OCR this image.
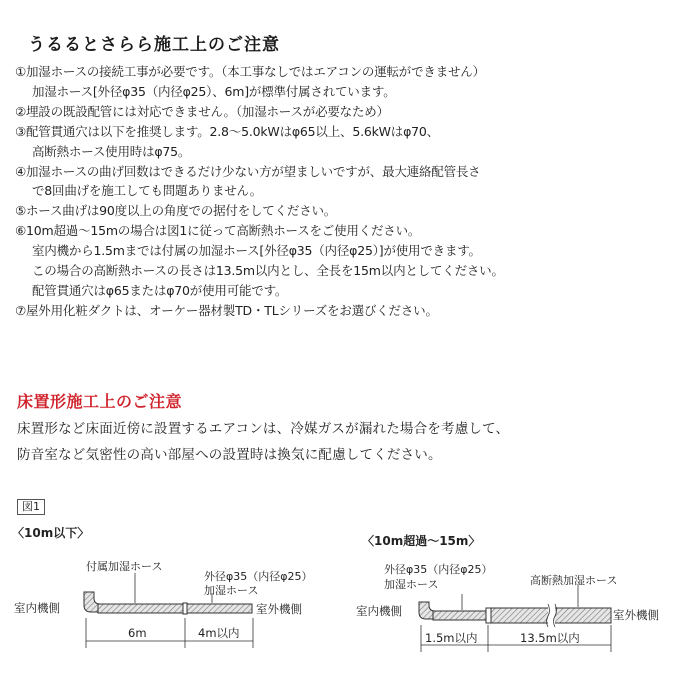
うるるとさらら施工上のご注意
①加湿ホースの接続工事が必要です。（本工事なしではエアコンの運転ができません）
加湿ホース[外径φ35（内径φ25）、6m]が標準付属されています。
②埋設の既設配管には対応できません。（加湿ホースが必要なため）
③配管貫通穴は以下を推奨します。2.8～5.0kWはφ65以上、5.6kWはφ70、
高断熱ホース使用時はφ75。
④加湿ホースの曲げ回数はできるだけ少ない方が望ましいですが、最大連絡配管長さ
で8回曲げを施工しても問題ありません。
⑤ホース曲げは90度以上の角度での据付をしてください。
⑥10m超過～15mの場合は図1に従って高断熱ホースをご使用ください。
室内機から1.5mまでは付属の加湿ホース[外径φ35（内径φ25）]が使用できます。
この場合の高断熱ホースの長さは13.5m以内とし、全長を15m以内としてください。
配管貫通穴はφ65またはφ70が使用可能です。
⑦屋外用化粧ダクトは、オーケー器材製TD・TLシリーズをお選びください。
床置形施工上のご注意
床置形など床面近傍に設置するエアコンは、冷媒ガスが漏れた場合を考慮して、
防音室など気密性の高い部屋への設置時は換気に配慮してください。
図1
〈10m以下〉
〈10m超過～15m〉
付属加湿ホース
外径φ35（内径φ25）
加湿ホース
室内機側	室外機側
6m	4m以内
外径φ35（内径φ25）
加湿ホース	高断熱加湿ホース
室内機側	室外機側
1.5m以内	13.5m以内
